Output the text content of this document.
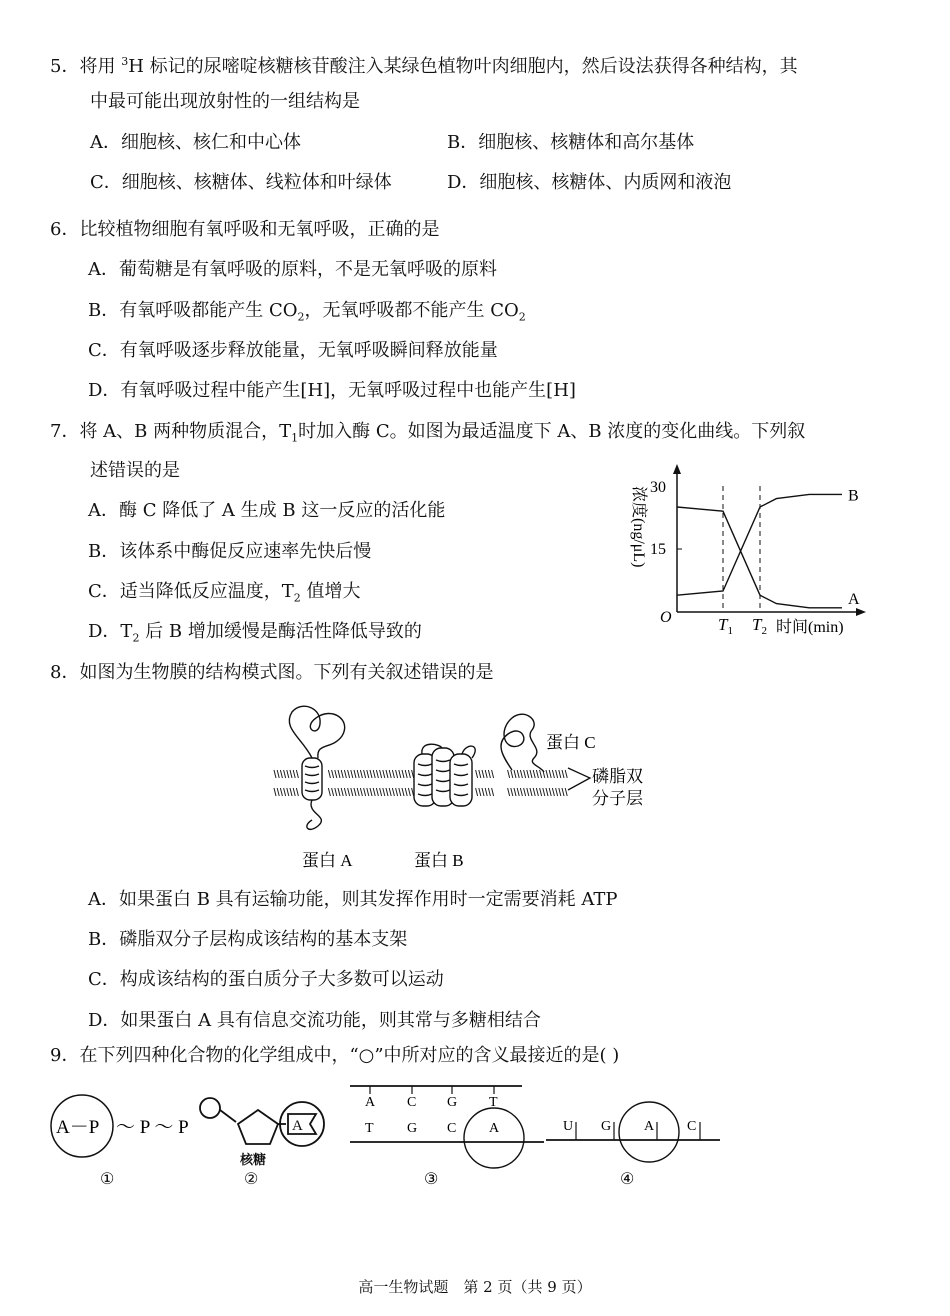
5．将用 $^3$H 标记的尿嘧啶核糖核苷酸注入某绿色植物叶肉细胞内，然后设法获得各种结构，其
中最可能出现放射性的一组结构是
A．细胞核、核仁和中心体	B．细胞核、核糖体和高尔基体
C．细胞核、核糖体、线粒体和叶绿体	D．细胞核、核糖体、内质网和液泡
6．比较植物细胞有氧呼吸和无氧呼吸，正确的是
A．葡萄糖是有氧呼吸的原料，不是无氧呼吸的原料
B．有氧呼吸都能产生 $CO_2$，无氧呼吸都不能产生 $CO_2$
C．有氧呼吸逐步释放能量，无氧呼吸瞬间释放能量
D．有氧呼吸过程中能产生[H]，无氧呼吸过程中也能产生[H]
7．将 A、B 两种物质混合，$T_1$时加入酶 C。如图为最适温度下 A、B 浓度的变化曲线。下列叙
述错误的是
A．酶 C 降低了 A 生成 B 这一反应的活化能
B．该体系中酶促反应速率先快后慢
C．适当降低反应温度，$T_2$ 值增大
D．$T_2$ 后 B 增加缓慢是酶活性降低导致的
浓度(ng/μL) 30
15
O
B
A
$T_1$ $T_2$ 时间(min)
8．如图为生物膜的结构模式图。下列有关叙述错误的是
蛋白 C
磷脂双
分子层
蛋白 A	蛋白 B
A．如果蛋白 B 具有运输功能，则其发挥作用时一定需要消耗 ATP
B．磷脂双分子层构成该结构的基本支架
C．构成该结构的蛋白质分子大多数可以运动
D．如果蛋白 A 具有信息交流功能，则其常与多糖相结合
9．在下列四种化合物的化学组成中，“○”中所对应的含义最接近的是( )
A－P ～ P ～ P
①
A
核糖
②
A C G T
T G C A
③
U G A C
④
高一生物试题　第 2 页（共 9 页）
